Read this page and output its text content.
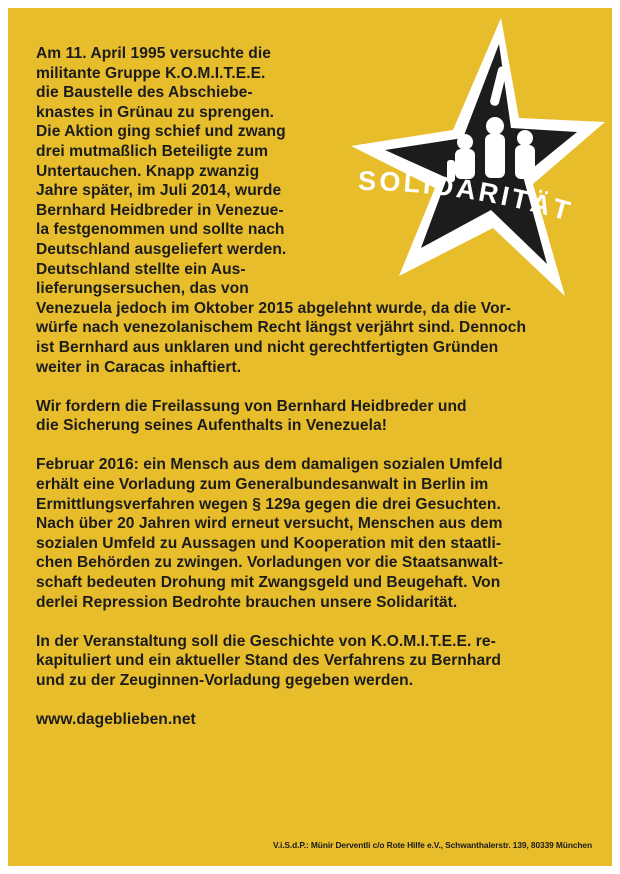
SOLIDARITÄT
Am 11. April 1995 versuchte die
militante Gruppe K.O.M.I.T.E.E.
die Baustelle des Abschiebe-
knastes in Grünau zu sprengen.
Die Aktion ging schief und zwang
drei mutmaßlich Beteiligte zum
Untertauchen. Knapp zwanzig
Jahre später, im Juli 2014, wurde
Bernhard Heidbreder in Venezue-
la festgenommen und sollte nach
Deutschland ausgeliefert werden.
Deutschland stellte ein Aus-
lieferungsersuchen, das von
Venezuela jedoch im Oktober 2015 abgelehnt wurde, da die Vor-
würfe nach venezolanischem Recht längst verjährt sind. Dennoch
ist Bernhard aus unklaren und nicht gerechtfertigten Gründen
weiter in Caracas inhaftiert.
Wir fordern die Freilassung von Bernhard Heidbreder und
die Sicherung seines Aufenthalts in Venezuela!
Februar 2016: ein Mensch aus dem damaligen sozialen Umfeld
erhält eine Vorladung zum Generalbundesanwalt in Berlin im
Ermittlungsverfahren wegen § 129a gegen die drei Gesuchten.
Nach über 20 Jahren wird erneut versucht, Menschen aus dem
sozialen Umfeld zu Aussagen und Kooperation mit den staatli-
chen Behörden zu zwingen. Vorladungen vor die Staatsanwalt-
schaft bedeuten Drohung mit Zwangsgeld und Beugehaft. Von
derlei Repression Bedrohte brauchen unsere Solidarität.
In der Veranstaltung soll die Geschichte von K.O.M.I.T.E.E. re-
kapituliert und ein aktueller Stand des Verfahrens zu Bernhard
und zu der Zeuginnen-Vorladung gegeben werden.
www.dageblieben.net
V.i.S.d.P.: Münir Derventli c/o Rote Hilfe e.V., Schwanthalerstr. 139, 80339 München
